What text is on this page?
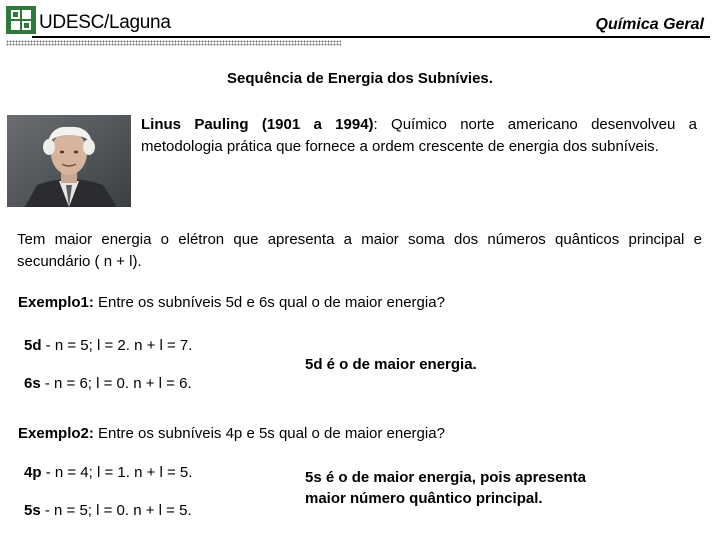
UDESC/Laguna	Química Geral
Sequência de Energia dos Subnívies.
Linus Pauling (1901 a 1994): Químico norte americano desenvolveu a metodologia prática que fornece a ordem crescente de energia dos subníveis.
Tem maior energia o elétron que apresenta a maior soma dos números quânticos principal e secundário ( n + l).
Exemplo1: Entre os subníveis 5d e 6s qual o de maior energia?
5d - n = 5; l = 2. n + l = 7.
6s - n = 6; l = 0. n + l = 6.
5d é o de maior energia.
Exemplo2: Entre os subníveis 4p e 5s qual o de maior energia?
4p - n = 4; l = 1. n + l = 5.
5s - n = 5; l = 0. n + l = 5.
5s é o de maior energia, pois apresenta
maior número quântico principal.
